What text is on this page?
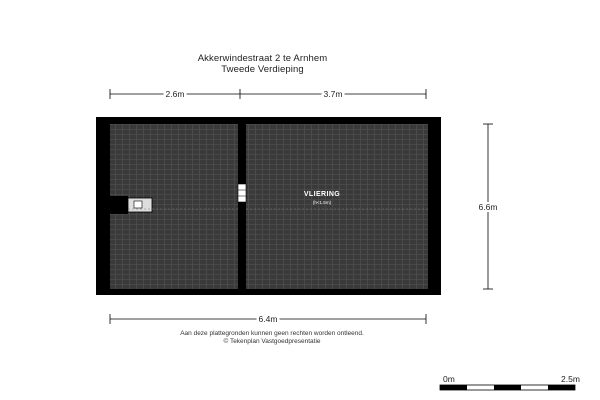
Akkerwindestraat 2 te Arnhem
Tweede Verdieping
2.6m	3.7m
6.4m
6.6m
VLIERING
(h<1.5m)
Aan deze plattegronden kunnen geen rechten worden ontleend.
© Tekenplan Vastgoedpresentatie
0m	2.5m
